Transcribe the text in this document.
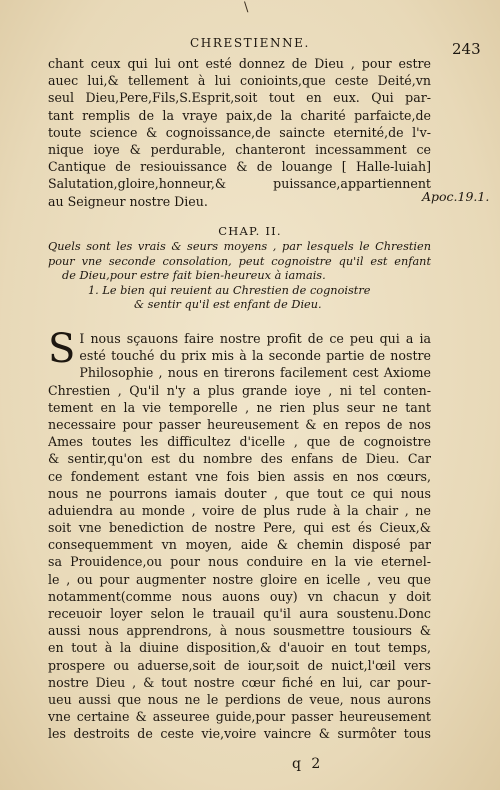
\
CHRESTIENNE.	243
chant ceux qui lui ont esté donnez de Dieu , pour estre
auec lui,& tellement à lui conioints,que ceste Deité,vn
seul Dieu,Pere,Fils,S.Esprit,soit tout en eux. Qui par-
tant remplis de la vraye paix,de la charité parfaicte,de
toute science & cognoissance,de saincte eternité,de l'v-
nique ioye & perdurable, chanteront incessamment ce
Cantique de resiouissance & de louange [ Halle-luiah]
Salutation,gloire,honneur,& puissance,appartiennent
au Seigneur nostre Dieu.	Apoc.19.1.
CHAP. II.
Quels sont les vrais & seurs moyens , par lesquels le Chrestien
pour vne seconde consolation, peut cognoistre qu'il est enfant
de Dieu,pour estre fait bien-heureux à iamais.
1. Le bien qui reuient au Chrestien de cognoistre
& sentir qu'il est enfant de Dieu.
S I nous sçauons faire nostre profit de ce peu qui a ia
esté touché du prix mis à la seconde partie de nostre
Philosophie , nous en tirerons facilement cest Axiome
Chrestien , Qu'il n'y a plus grande ioye , ni tel conten-
tement en la vie temporelle , ne rien plus seur ne tant
necessaire pour passer heureusement & en repos de nos
Ames toutes les difficultez d'icelle , que de cognoistre
& sentir,qu'on est du nombre des enfans de Dieu. Car
ce fondement estant vne fois bien assis en nos cœurs,
nous ne pourrons iamais douter , que tout ce qui nous
aduiendra au monde , voire de plus rude à la chair , ne
soit vne benediction de nostre Pere, qui est és Cieux,&
consequemment vn moyen, aide & chemin disposé par
sa Prouidence,ou pour nous conduire en la vie eternel-
le , ou pour augmenter nostre gloire en icelle , veu que
notamment(comme nous auons ouy) vn chacun y doit
receuoir loyer selon le trauail qu'il aura soustenu.Donc
aussi nous apprendrons, à nous sousmettre tousiours &
en tout à la diuine disposition,& d'auoir en tout temps,
prospere ou aduerse,soit de iour,soit de nuict,l'œil vers
nostre Dieu , & tout nostre cœur fiché en lui, car pour-
ueu aussi que nous ne le perdions de veue, nous aurons
vne certaine & asseuree guide,pour passer heureusement
les destroits de ceste vie,voire vaincre & surmôter tous
q 2
